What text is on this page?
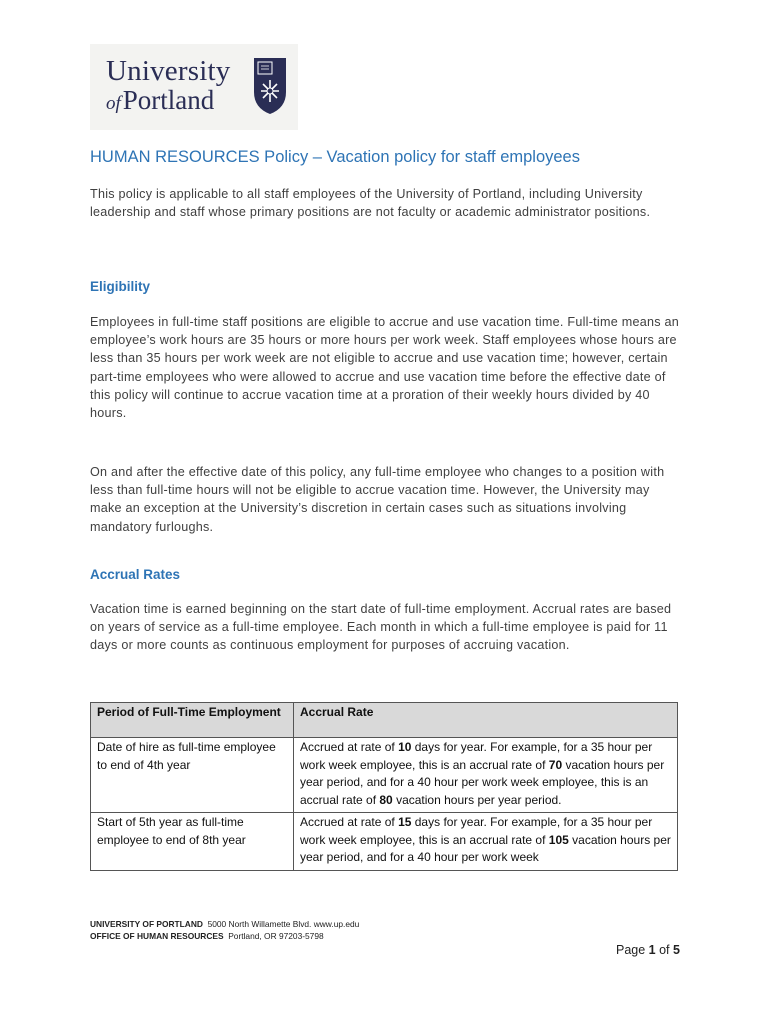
University
ofPortland
HUMAN RESOURCES Policy – Vacation policy for staff employees

This policy is applicable to all staff employees of the University of Portland, including University leadership and staff whose primary positions are not faculty or academic administrator positions.

Eligibility

Employees in full-time staff positions are eligible to accrue and use vacation time. Full-time means an employee’s work hours are 35 hours or more hours per work week. Staff employees whose hours are less than 35 hours per work week are not eligible to accrue and use vacation time; however, certain part-time employees who were allowed to accrue and use vacation time before the effective date of this policy will continue to accrue vacation time at a proration of their weekly hours divided by 40 hours.

On and after the effective date of this policy, any full-time employee who changes to a position with less than full-time hours will not be eligible to accrue vacation time. However, the University may make an exception at the University’s discretion in certain cases such as situations involving mandatory furloughs.

Accrual Rates

Vacation time is earned beginning on the start date of full-time employment. Accrual rates are based on years of service as a full-time employee. Each month in which a full-time employee is paid for 11 days or more counts as continuous employment for purposes of accruing vacation.

Period of Full-Time Employment	Accrual Rate
Date of hire as full-time employee to end of 4th year	Accrued at rate of 10 days for year. For example, for a 35 hour per work week employee, this is an accrual rate of 70 vacation hours per year period, and for a 40 hour per work week employee, this is an accrual rate of 80 vacation hours per year period.
Start of 5th year as full-time employee to end of 8th year	Accrued at rate of 15 days for year. For example, for a 35 hour per work week employee, this is an accrual rate of 105 vacation hours per year period, and for a 40 hour per work week
UNIVERSITY OF PORTLAND 5000 North Willamette Blvd. www.up.edu
OFFICE OF HUMAN RESOURCES Portland, OR 97203-5798
Page 1 of 5
